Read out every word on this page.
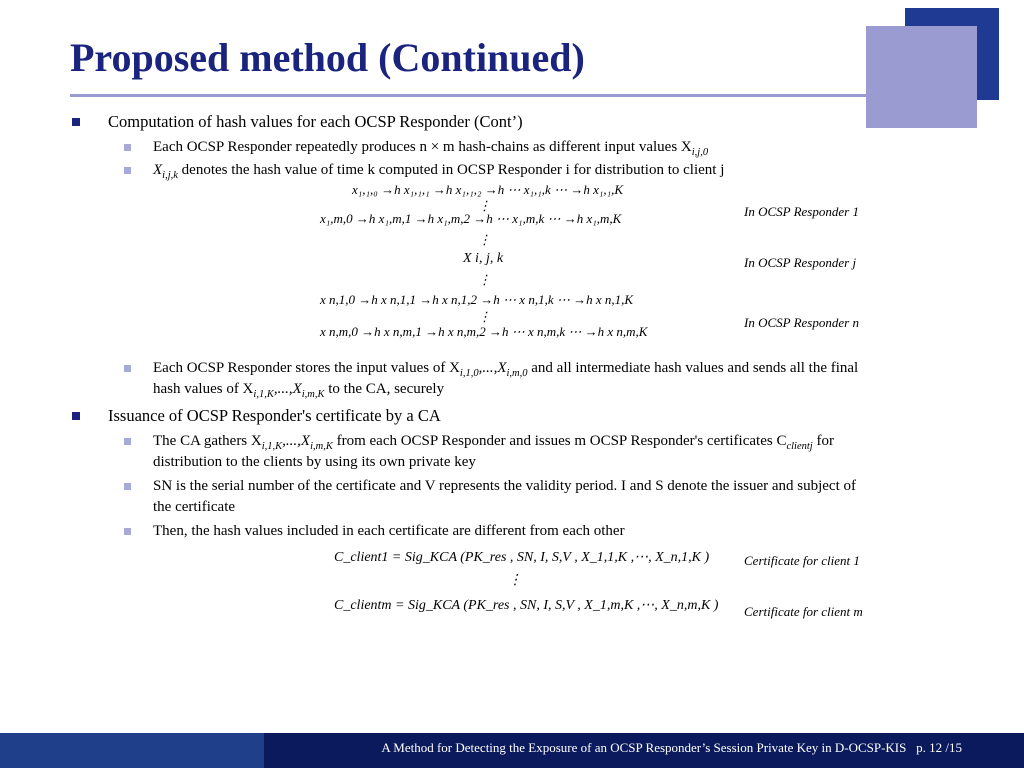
Proposed method (Continued)
Computation of hash values for each OCSP Responder (Cont’)
Each OCSP Responder repeatedly produces n × m hash-chains as different input values $X_{i,j,0}$
$X_{i,j,k}$ denotes the hash value of time k computed in OCSP Responder i for distribution to client j
x₁,₁,₀ →h x₁,₁,₁ →h x₁,₁,₂ →h ⋯ x₁,₁,k ⋯ →h x₁,₁,K
⋮
x₁,m,0 →h x₁,m,1 →h x₁,m,2 →h ⋯ x₁,m,k ⋯ →h x₁,m,K
⋮
X i, j, k
⋮
x n,1,0 →h x n,1,1 →h x n,1,2 →h ⋯ x n,1,k ⋯ →h x n,1,K
⋮
x n,m,0 →h x n,m,1 →h x n,m,2 →h ⋯ x n,m,k ⋯ →h x n,m,K
In OCSP Responder 1
In OCSP Responder j
In OCSP Responder n
Each OCSP Responder stores the input values of $X_{i,1,0},...,X_{i,m,0}$ and all intermediate hash values and sends all the final
hash values of $X_{i,1,K},...,X_{i,m,K}$ to the CA, securely
Issuance of OCSP Responder's certificate by a CA
The CA gathers $X_{i,1,K},...,X_{i,m,K}$ from each OCSP Responder and issues m OCSP Responder's certificates $C_{clientj}$ for
distribution to the clients by using its own private key
SN is the serial number of the certificate and V represents the validity period. I and S denote the issuer and subject of
the certificate
Then, the hash values included in each certificate are different from each other
C_client1 = Sig_KCA (PK_res , SN, I, S,V , X_1,1,K ,⋯, X_n,1,K )
⋮
C_clientm = Sig_KCA (PK_res , SN, I, S,V , X_1,m,K ,⋯, X_n,m,K )
Certificate for client 1
Certificate for client m
A Method for Detecting the Exposure of an OCSP Responder’s Session Private Key in D-OCSP-KIS p. 12 /15
